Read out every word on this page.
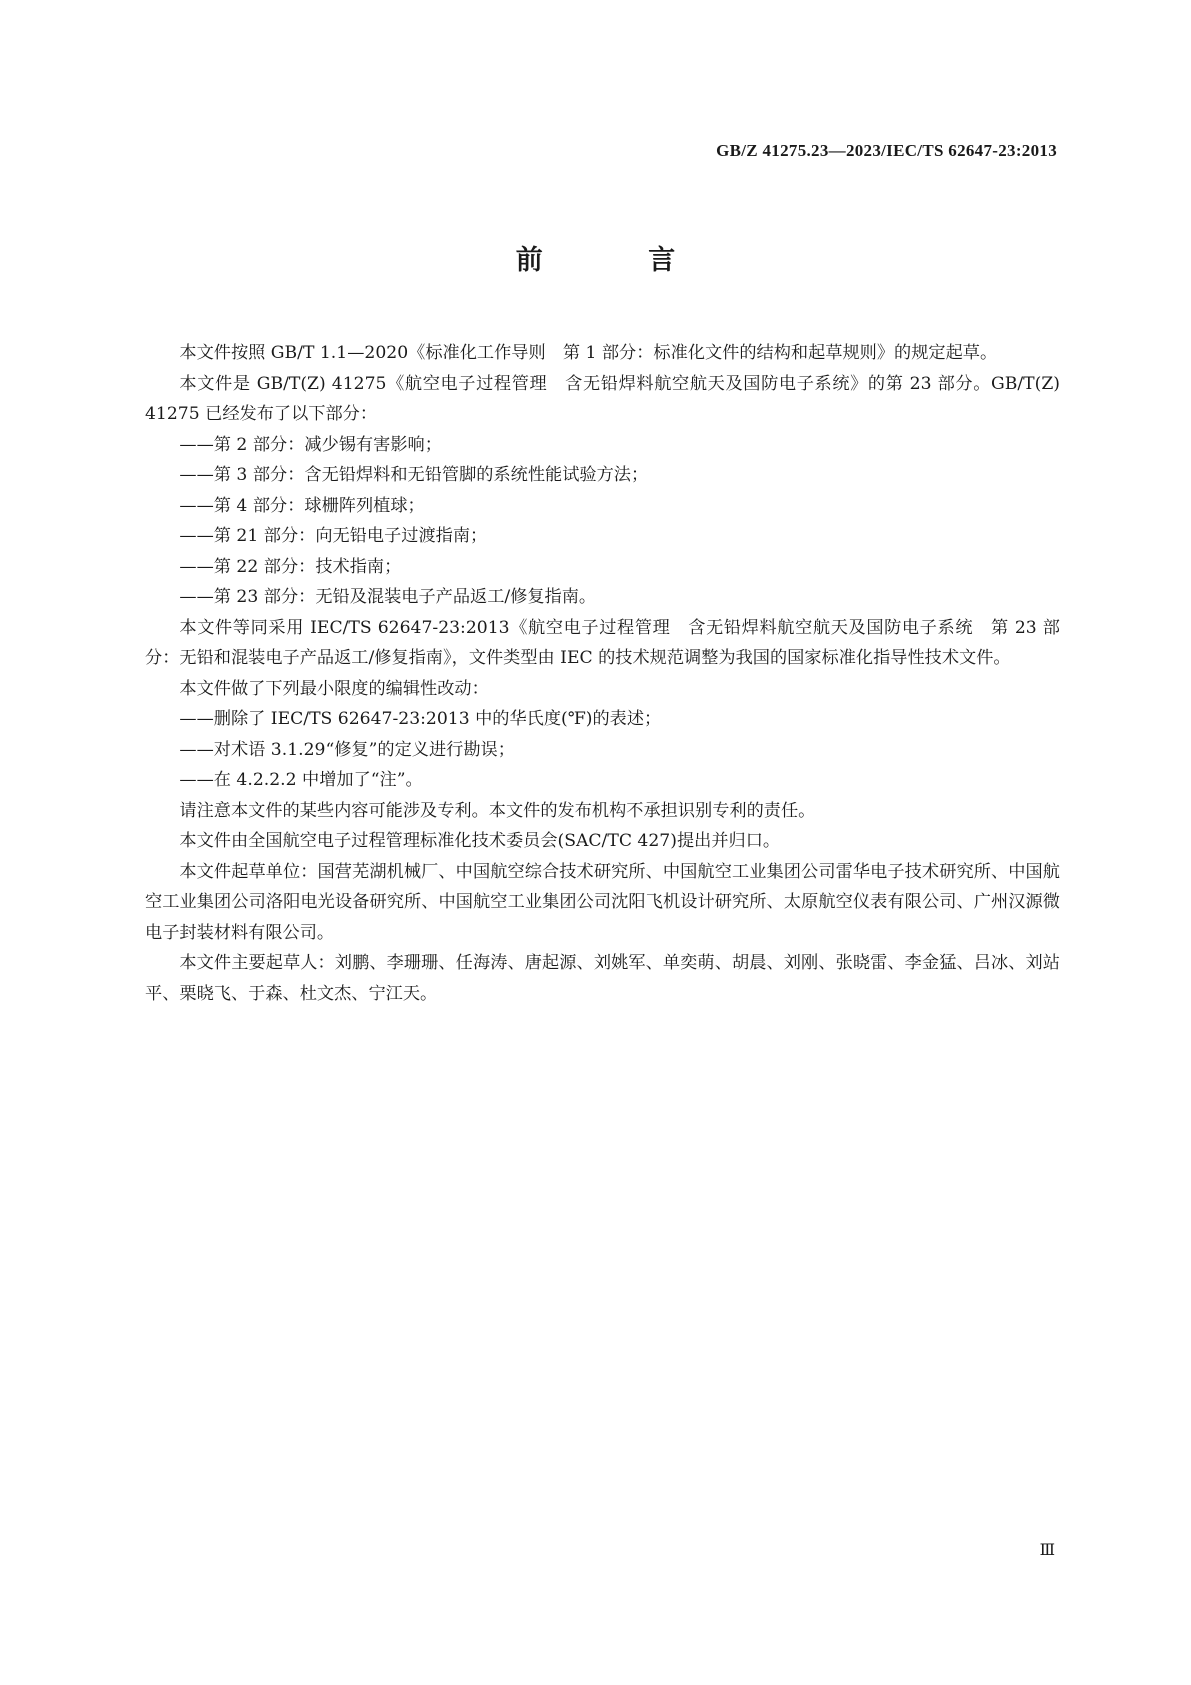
GB/Z 41275.23—2023/IEC/TS 62647-23:2013
前 言

本文件按照 GB/T 1.1—2020《标准化工作导则　第 1 部分：标准化文件的结构和起草规则》的规定起草。

本文件是 GB/T(Z) 41275《航空电子过程管理　含无铅焊料航空航天及国防电子系统》的第 23 部分。GB/T(Z) 41275 已经发布了以下部分：

——第 2 部分：减少锡有害影响；

——第 3 部分：含无铅焊料和无铅管脚的系统性能试验方法；

——第 4 部分：球栅阵列植球；

——第 21 部分：向无铅电子过渡指南；

——第 22 部分：技术指南；

——第 23 部分：无铅及混装电子产品返工/修复指南。

本文件等同采用 IEC/TS 62647-23:2013《航空电子过程管理　含无铅焊料航空航天及国防电子系统　第 23 部分：无铅和混装电子产品返工/修复指南》，文件类型由 IEC 的技术规范调整为我国的国家标准化指导性技术文件。

本文件做了下列最小限度的编辑性改动：

——删除了 IEC/TS 62647-23:2013 中的华氏度(℉)的表述；

——对术语 3.1.29“修复”的定义进行勘误；

——在 4.2.2.2 中增加了“注”。

请注意本文件的某些内容可能涉及专利。本文件的发布机构不承担识别专利的责任。

本文件由全国航空电子过程管理标准化技术委员会(SAC/TC 427)提出并归口。

本文件起草单位：国营芜湖机械厂、中国航空综合技术研究所、中国航空工业集团公司雷华电子技术研究所、中国航空工业集团公司洛阳电光设备研究所、中国航空工业集团公司沈阳飞机设计研究所、太原航空仪表有限公司、广州汉源微电子封装材料有限公司。

本文件主要起草人：刘鹏、李珊珊、任海涛、唐起源、刘姚军、单奕萌、胡晨、刘刚、张晓雷、李金猛、吕冰、刘站平、栗晓飞、于森、杜文杰、宁江天。

Ⅲ
